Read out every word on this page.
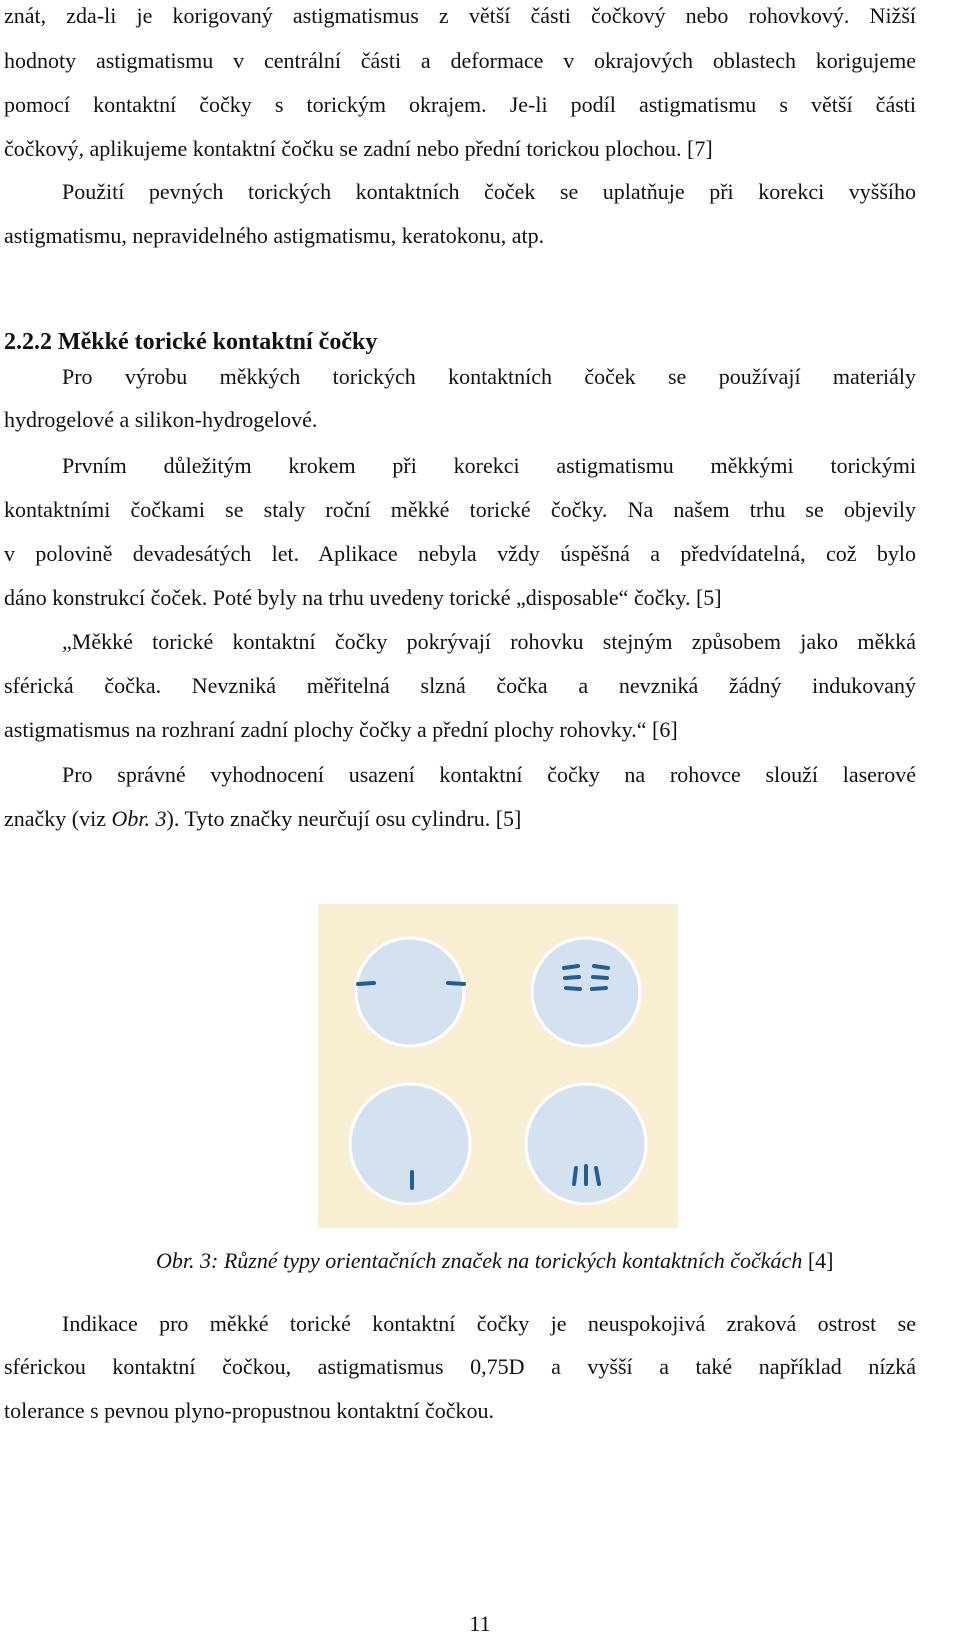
znát, zda-li je korigovaný astigmatismus z větší části čočkový nebo rohovkový. Nižší
hodnoty astigmatismu v centrální části a deformace v okrajových oblastech korigujeme
pomocí kontaktní čočky s torickým okrajem. Je-li podíl astigmatismu s větší části
čočkový, aplikujeme kontaktní čočku se zadní nebo přední torickou plochou. [7]
Použití pevných torických kontaktních čoček se uplatňuje při korekci vyššího
astigmatismu, nepravidelného astigmatismu, keratokonu, atp.
2.2.2 Měkké torické kontaktní čočky
Pro výrobu měkkých torických kontaktních čoček se používají materiály
hydrogelové a silikon-hydrogelové.
Prvním důležitým krokem při korekci astigmatismu měkkými torickými
kontaktními čočkami se staly roční měkké torické čočky. Na našem trhu se objevily
v polovině devadesátých let. Aplikace nebyla vždy úspěšná a předvídatelná, což bylo
dáno konstrukcí čoček. Poté byly na trhu uvedeny torické „disposable“ čočky. [5]
„Měkké torické kontaktní čočky pokrývají rohovku stejným způsobem jako měkká
sférická čočka. Nevzniká měřitelná slzná čočka a nevzniká žádný indukovaný
astigmatismus na rozhraní zadní plochy čočky a přední plochy rohovky.“ [6]
Pro správné vyhodnocení usazení kontaktní čočky na rohovce slouží laserové
značky (viz Obr. 3). Tyto značky neurčují osu cylindru. [5]
Obr. 3: Různé typy orientačních značek na torických kontaktních čočkách [4]
Indikace pro měkké torické kontaktní čočky je neuspokojivá zraková ostrost se
sférickou kontaktní čočkou, astigmatismus 0,75D a vyšší a také například nízká
tolerance s pevnou plyno-propustnou kontaktní čočkou.
11
